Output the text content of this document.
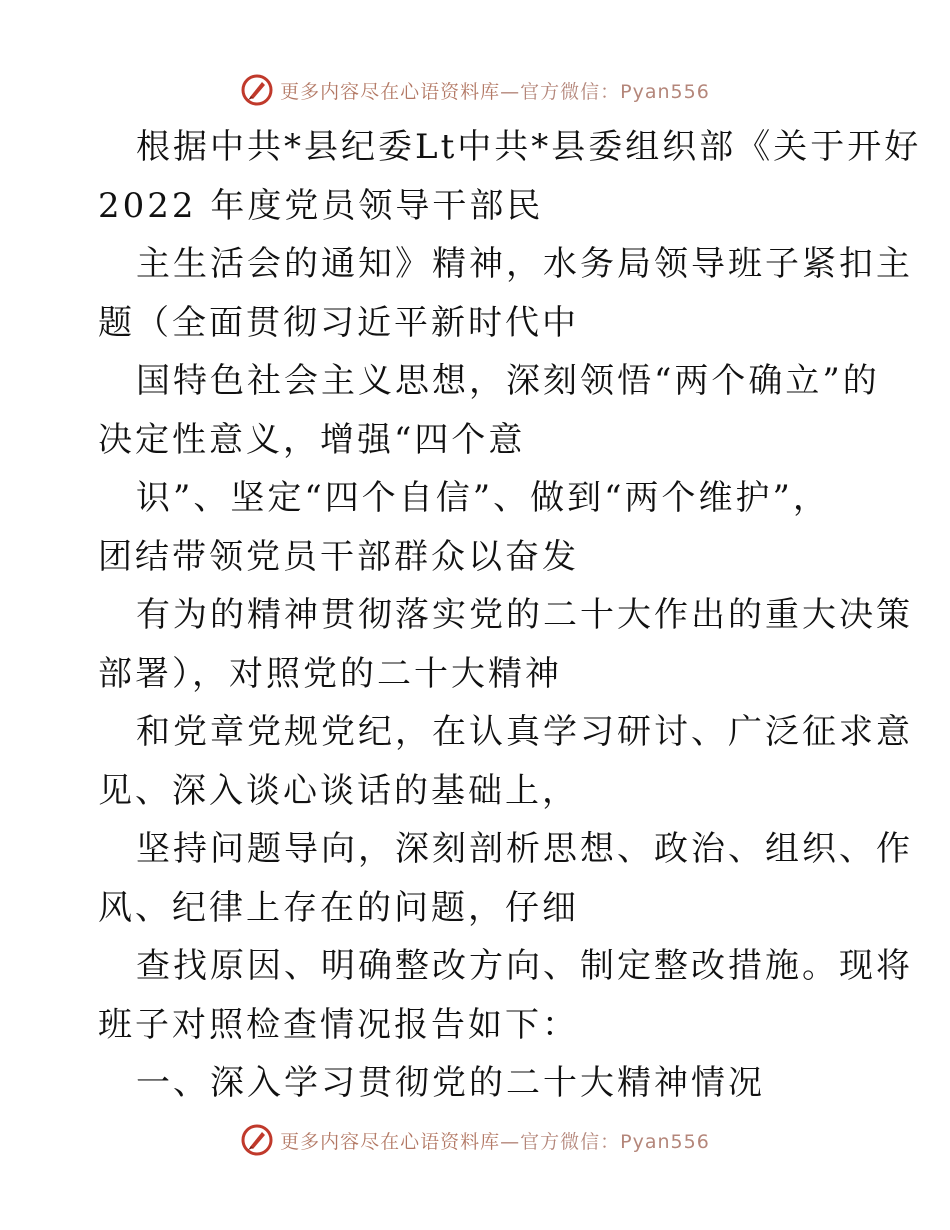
更多内容尽在心语资料库 —官方微信：Pyan556

根据中共*县纪委Lt中共*县委组织部《关于开好

2022 年度党员领导干部民

主生活会的通知》精神，水务局领导班子紧扣主

题（全面贯彻习近平新时代中

国特色社会主义思想，深刻领悟“两个确立”的

决定性意义，增强“四个意

识”、坚定“四个自信”、做到“两个维护”，

团结带领党员干部群众以奋发

有为的精神贯彻落实党的二十大作出的重大决策

部署），对照党的二十大精神

和党章党规党纪，在认真学习研讨、广泛征求意

见、深入谈心谈话的基础上，

坚持问题导向，深刻剖析思想、政治、组织、作

风、纪律上存在的问题，仔细

查找原因、明确整改方向、制定整改措施。现将

班子对照检查情况报告如下：

一、深入学习贯彻党的二十大精神情况

更多内容尽在心语资料库 —官方微信：Pyan556
